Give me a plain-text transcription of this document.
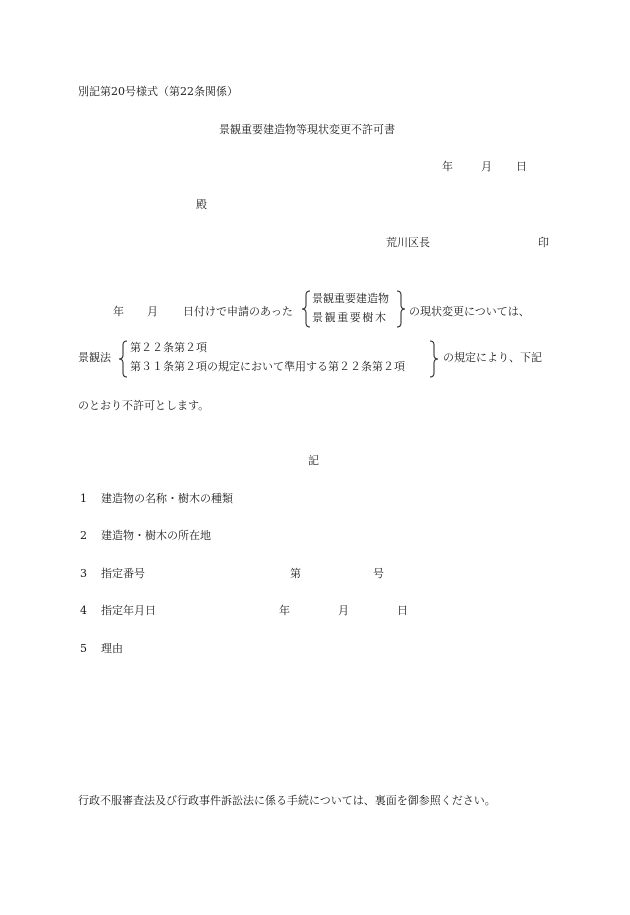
別記第20号様式（第22条関係）
景観重要建造物等現状変更不許可書
年	月 日
殿
荒川区長	印
年 月 日付けで申請のあった
景観重要建造物
景観重要樹木 の現状変更については、
景観法
第２２条第２項
第３１条第２項の規定において準用する第２２条第２項
の規定により、下記
のとおり不許可とします。
記
1 建造物の名称・樹木の種類
2 建造物・樹木の所在地
3 指定番号	第	号
4 指定年月日	年	月	日
5 理由
行政不服審査法及び行政事件訴訟法に係る手続については、裏面を御参照ください。
